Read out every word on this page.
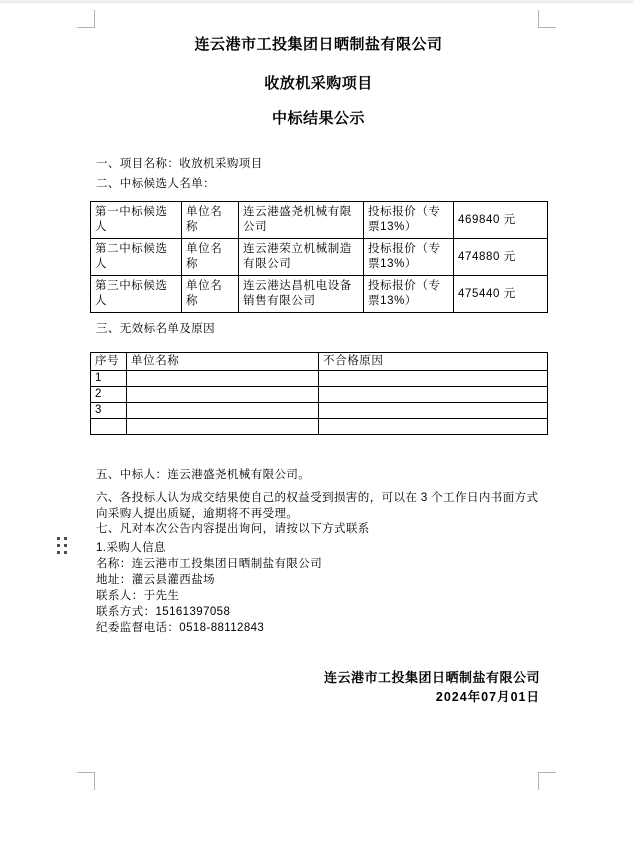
连云港市工投集团日晒制盐有限公司
收放机采购项目
中标结果公示
一、项目名称：收放机采购项目
二、中标候选人名单：
第一中标候选人	单位名称	连云港盛尧机械有限公司	投标报价（专票13%）	469840 元
第二中标候选人	单位名称	连云港荣立机械制造有限公司	投标报价（专票13%）	474880 元
第三中标候选人	单位名称	连云港达昌机电设备销售有限公司	投标报价（专票13%）	475440 元
三、无效标名单及原因
序号	单位名称	不合格原因
1		
2		
3		

五、中标人：连云港盛尧机械有限公司。
六、各投标人认为成交结果使自己的权益受到损害的，可以在 3 个工作日内书面方式向采购人提出质疑，逾期将不再受理。
七、凡对本次公告内容提出询问，请按以下方式联系
1.采购人信息
名称：连云港市工投集团日晒制盐有限公司
地址：灌云县灌西盐场
联系人：于先生
联系方式：15161397058
纪委监督电话：0518-88112843
连云港市工投集团日晒制盐有限公司
2024年07月01日
